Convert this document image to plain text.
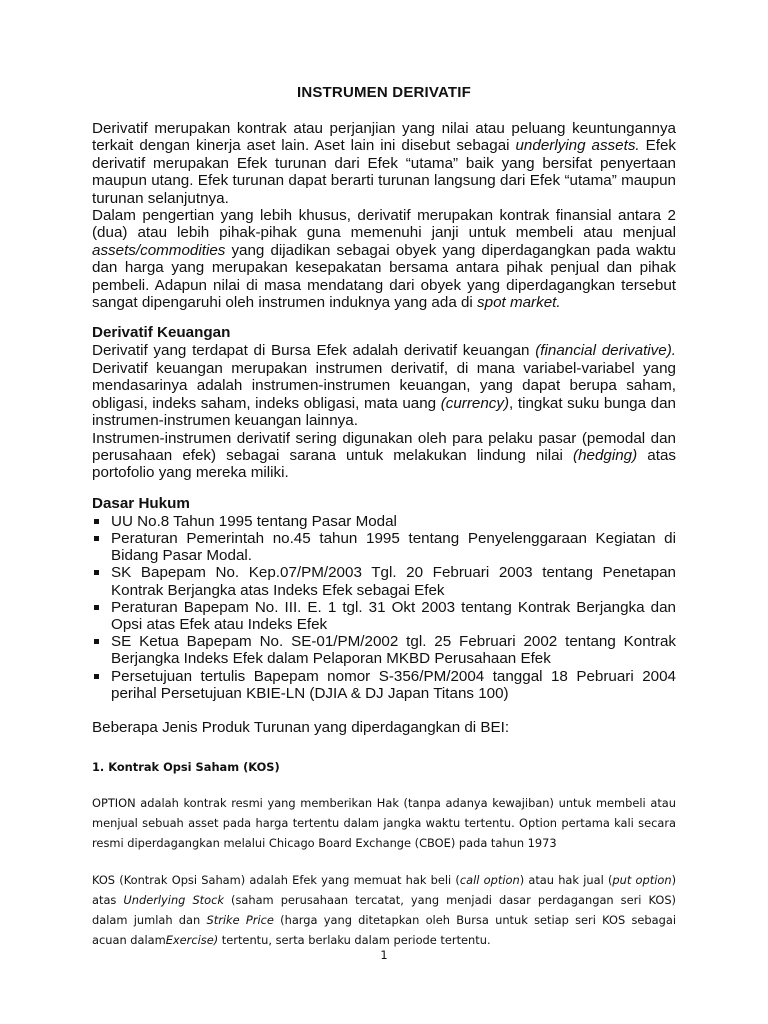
INSTRUMEN DERIVATIF

Derivatif merupakan kontrak atau perjanjian yang nilai atau peluang keuntungannya terkait dengan kinerja aset lain. Aset lain ini disebut sebagai underlying assets. Efek derivatif merupakan Efek turunan dari Efek “utama” baik yang bersifat penyertaan maupun utang. Efek turunan dapat berarti turunan langsung dari Efek “utama” maupun turunan selanjutnya.

Dalam pengertian yang lebih khusus, derivatif merupakan kontrak finansial antara 2 (dua) atau lebih pihak-pihak guna memenuhi janji untuk membeli atau menjual assets/commodities yang dijadikan sebagai obyek yang diperdagangkan pada waktu dan harga yang merupakan kesepakatan bersama antara pihak penjual dan pihak pembeli. Adapun nilai di masa mendatang dari obyek yang diperdagangkan tersebut sangat dipengaruhi oleh instrumen induknya yang ada di spot market.

Derivatif Keuangan

Derivatif yang terdapat di Bursa Efek adalah derivatif keuangan (financial derivative). Derivatif keuangan merupakan instrumen derivatif, di mana variabel-variabel yang mendasarinya adalah instrumen-instrumen keuangan, yang dapat berupa saham, obligasi, indeks saham, indeks obligasi, mata uang (currency), tingkat suku bunga dan instrumen-instrumen keuangan lainnya.

Instrumen-instrumen derivatif sering digunakan oleh para pelaku pasar (pemodal dan perusahaan efek) sebagai sarana untuk melakukan lindung nilai (hedging) atas portofolio yang mereka miliki.

Dasar Hukum
UU No.8 Tahun 1995 tentang Pasar Modal
Peraturan Pemerintah no.45 tahun 1995 tentang Penyelenggaraan Kegiatan di Bidang Pasar Modal.
SK Bapepam No. Kep.07/PM/2003 Tgl. 20 Februari 2003 tentang Penetapan Kontrak Berjangka atas Indeks Efek sebagai Efek
Peraturan Bapepam No. III. E. 1 tgl. 31 Okt 2003 tentang Kontrak Berjangka dan Opsi atas Efek atau Indeks Efek
SE Ketua Bapepam No. SE-01/PM/2002 tgl. 25 Februari 2002 tentang Kontrak Berjangka Indeks Efek dalam Pelaporan MKBD Perusahaan Efek
Persetujuan tertulis Bapepam nomor S-356/PM/2004 tanggal 18 Pebruari 2004 perihal Persetujuan KBIE-LN (DJIA & DJ Japan Titans 100)
Beberapa Jenis Produk Turunan yang diperdagangkan di BEI:
1. Kontrak Opsi Saham (KOS)
OPTION adalah kontrak resmi yang memberikan Hak (tanpa adanya kewajiban) untuk membeli atau menjual sebuah asset pada harga tertentu dalam jangka waktu tertentu. Option pertama kali secara resmi diperdagangkan melalui Chicago Board Exchange (CBOE) pada tahun 1973
KOS (Kontrak Opsi Saham) adalah Efek yang memuat hak beli (call option) atau hak jual (put option) atas Underlying Stock (saham perusahaan tercatat, yang menjadi dasar perdagangan seri KOS) dalam jumlah dan Strike Price (harga yang ditetapkan oleh Bursa untuk setiap seri KOS sebagai acuan dalamExercise) tertentu, serta berlaku dalam periode tertentu.
1
